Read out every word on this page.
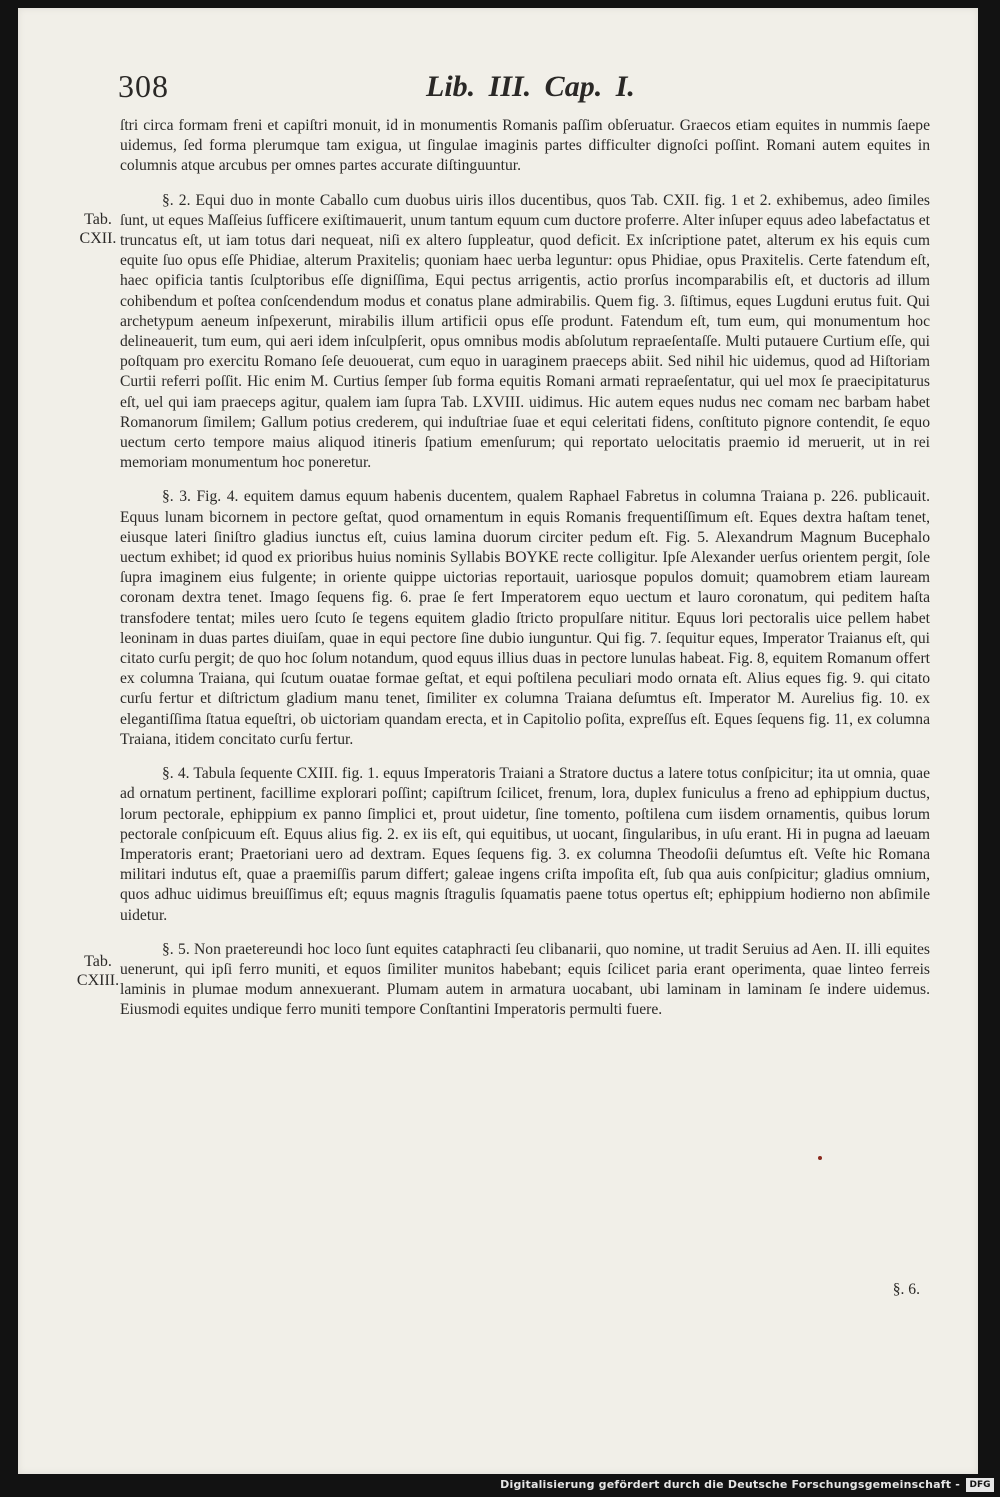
308	Lib. III. Cap. I.
Tab.
CXII.
Tab.
CXIII.

ſtri circa formam freni et capiſtri monuit, id in monumentis Romanis paſſim obſeruatur. Graecos etiam equites in nummis ſaepe uidemus, ſed forma plerumque tam exigua, ut ſingulae imaginis partes difficulter dignoſci poſſint. Romani autem equites in columnis atque arcubus per omnes partes accurate diſtinguuntur.

§. 2. Equi duo in monte Caballo cum duobus uiris illos ducentibus, quos Tab. CXII. fig. 1 et 2. exhibemus, adeo ſimiles ſunt, ut eques Maſſeius ſufficere exiſtimauerit, unum tantum equum cum ductore proferre. Alter inſuper equus adeo labefactatus et truncatus eſt, ut iam totus dari nequeat, niſi ex altero ſuppleatur, quod deficit. Ex inſcriptione patet, alterum ex his equis cum equite ſuo opus eſſe Phidiae, alterum Praxitelis; quoniam haec uerba leguntur: opus Phidiae, opus Praxitelis. Certe fatendum eſt, haec opificia tantis ſculptoribus eſſe digniſſima, Equi pectus arrigentis, actio prorſus incomparabilis eſt, et ductoris ad illum cohibendum et poſtea conſcendendum modus et conatus plane admirabilis. Quem fig. 3. ſiſtimus, eques Lugduni erutus fuit. Qui archetypum aeneum inſpexerunt, mirabilis illum artificii opus eſſe produnt. Fatendum eſt, tum eum, qui monumentum hoc delineauerit, tum eum, qui aeri idem inſculpſerit, opus omnibus modis abſolutum repraeſentaſſe. Multi putauere Curtium eſſe, qui poſtquam pro exercitu Romano ſeſe deuouerat, cum equo in uaraginem praeceps abiit. Sed nihil hic uidemus, quod ad Hiſtoriam Curtii referri poſſit. Hic enim M. Curtius ſemper ſub forma equitis Romani armati repraeſentatur, qui uel mox ſe praecipitaturus eſt, uel qui iam praeceps agitur, qualem iam ſupra Tab. LXVIII. uidimus. Hic autem eques nudus nec comam nec barbam habet Romanorum ſimilem; Gallum potius crederem, qui induſtriae ſuae et equi celeritati fidens, conſtituto pignore contendit, ſe equo uectum certo tempore maius aliquod itineris ſpatium emenſurum; qui reportato uelocitatis praemio id meruerit, ut in rei memoriam monumentum hoc poneretur.

§. 3. Fig. 4. equitem damus equum habenis ducentem, qualem Raphael Fabretus in columna Traiana p. 226. publicauit. Equus lunam bicornem in pectore geſtat, quod ornamentum in equis Romanis frequentiſſimum eſt. Eques dextra haſtam tenet, eiusque lateri ſiniſtro gladius iunctus eſt, cuius lamina duorum circiter pedum eſt. Fig. 5. Alexandrum Magnum Bucephalo uectum exhibet; id quod ex prioribus huius nominis Syllabis BOYKE recte colligitur. Ipſe Alexander uerſus orientem pergit, ſole ſupra imaginem eius fulgente; in oriente quippe uictorias reportauit, uariosque populos domuit; quamobrem etiam lauream coronam dextra tenet. Imago ſequens fig. 6. prae ſe fert Imperatorem equo uectum et lauro coronatum, qui peditem haſta transfodere tentat; miles uero ſcuto ſe tegens equitem gladio ſtricto propulſare nititur. Equus lori pectoralis uice pellem habet leoninam in duas partes diuiſam, quae in equi pectore ſine dubio iunguntur. Qui fig. 7. ſequitur eques, Imperator Traianus eſt, qui citato curſu pergit; de quo hoc ſolum notandum, quod equus illius duas in pectore lunulas habeat. Fig. 8, equitem Romanum offert ex columna Traiana, qui ſcutum ouatae formae geſtat, et equi poſtilena peculiari modo ornata eſt. Alius eques fig. 9. qui citato curſu fertur et diſtrictum gladium manu tenet, ſimiliter ex columna Traiana deſumtus eſt. Imperator M. Aurelius fig. 10. ex elegantiſſima ſtatua equeſtri, ob uictoriam quandam erecta, et in Capitolio poſita, expreſſus eſt. Eques ſequens fig. 11, ex columna Traiana, itidem concitato curſu fertur.

§. 4. Tabula ſequente CXIII. fig. 1. equus Imperatoris Traiani a Stratore ductus a latere totus conſpicitur; ita ut omnia, quae ad ornatum pertinent, facillime explorari poſſint; capiſtrum ſcilicet, frenum, lora, duplex funiculus a freno ad ephippium ductus, lorum pectorale, ephippium ex panno ſimplici et, prout uidetur, ſine tomento, poſtilena cum iisdem ornamentis, quibus lorum pectorale conſpicuum eſt. Equus alius fig. 2. ex iis eſt, qui equitibus, ut uocant, ſingularibus, in uſu erant. Hi in pugna ad laeuam Imperatoris erant; Praetoriani uero ad dextram. Eques ſequens fig. 3. ex columna Theodoſii deſumtus eſt. Veſte hic Romana militari indutus eſt, quae a praemiſſis parum differt; galeae ingens criſta impoſita eſt, ſub qua auis conſpicitur; gladius omnium, quos adhuc uidimus breuiſſimus eſt; equus magnis ſtragulis ſquamatis paene totus opertus eſt; ephippium hodierno non abſimile uidetur.

§. 5. Non praetereundi hoc loco ſunt equites cataphracti ſeu clibanarii, quo nomine, ut tradit Seruius ad Aen. II. illi equites uenerunt, qui ipſi ferro muniti, et equos ſimiliter munitos habebant; equis ſcilicet paria erant operimenta, quae linteo ferreis laminis in plumae modum annexuerant. Plumam autem in armatura uocabant, ubi laminam in laminam ſe indere uidemus. Eiusmodi equites undique ferro muniti tempore Conſtantini Imperatoris permulti fuere.

§. 6.
Digitalisierung gefördert durch die Deutsche Forschungsgemeinschaft -	DFG
